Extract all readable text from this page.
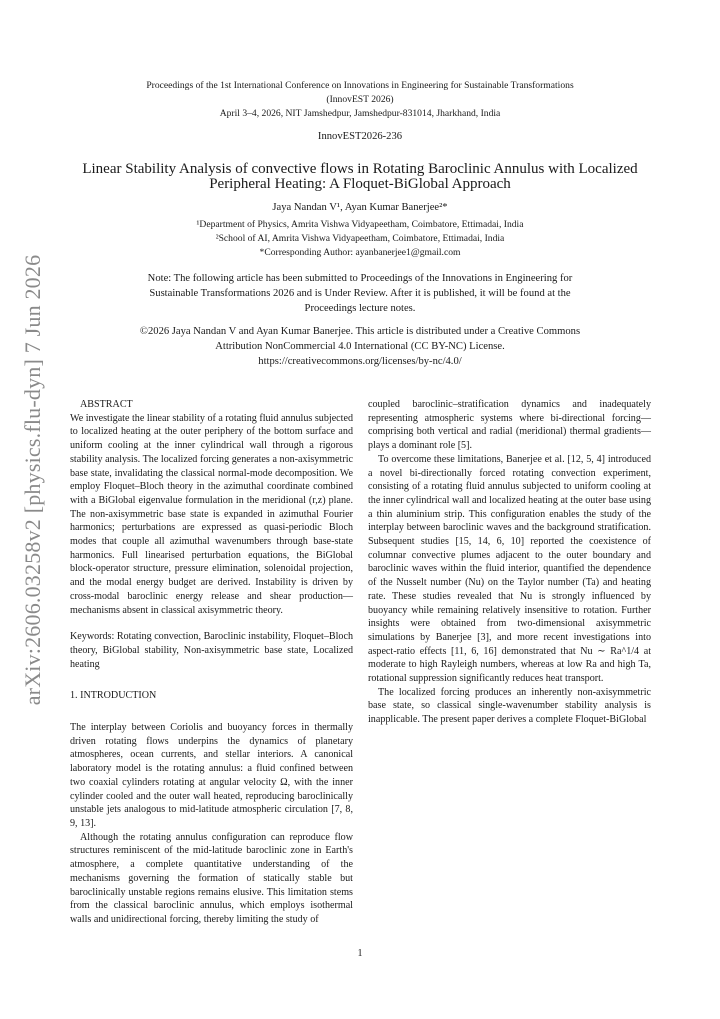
arXiv:2606.03258v2 [physics.flu-dyn] 7 Jun 2026
Proceedings of the 1st International Conference on Innovations in Engineering for Sustainable Transformations
(InnovEST 2026)
April 3–4, 2026, NIT Jamshedpur, Jamshedpur-831014, Jharkhand, India
InnovEST2026-236
Linear Stability Analysis of convective flows in Rotating Baroclinic Annulus with Localized
Peripheral Heating: A Floquet-BiGlobal Approach
Jaya Nandan V¹, Ayan Kumar Banerjee²*
¹Department of Physics, Amrita Vishwa Vidyapeetham, Coimbatore, Ettimadai, India
²School of AI, Amrita Vishwa Vidyapeetham, Coimbatore, Ettimadai, India
*Corresponding Author: ayanbanerjee1@gmail.com
Note: The following article has been submitted to Proceedings of the Innovations in Engineering for
Sustainable Transformations 2026 and is Under Review. After it is published, it will be found at the
Proceedings lecture notes.
©2026 Jaya Nandan V and Ayan Kumar Banerjee. This article is distributed under a Creative Commons
Attribution NonCommercial 4.0 International (CC BY-NC) License.
https://creativecommons.org/licenses/by-nc/4.0/

ABSTRACT

We investigate the linear stability of a rotating fluid annulus subjected to localized heating at the outer periphery of the bottom surface and uniform cooling at the inner cylindrical wall through a rigorous stability analysis. The localized forcing generates a non-axisymmetric base state, invalidating the classical normal-mode decomposition. We employ Floquet–Bloch theory in the azimuthal coordinate combined with a BiGlobal eigenvalue formulation in the meridional (r,z) plane. The non-axisymmetric base state is expanded in azimuthal Fourier harmonics; perturbations are expressed as quasi-periodic Bloch modes that couple all azimuthal wavenumbers through base-state harmonics. Full linearised perturbation equations, the BiGlobal block-operator structure, pressure elimination, solenoidal projection, and the modal energy budget are derived. Instability is driven by cross-modal baroclinic energy release and shear production—mechanisms absent in classical axisymmetric theory.

Keywords: Rotating convection, Baroclinic instability, Floquet–Bloch theory, BiGlobal stability, Non-axisymmetric base state, Localized heating

1. INTRODUCTION

The interplay between Coriolis and buoyancy forces in thermally driven rotating flows underpins the dynamics of planetary atmospheres, ocean currents, and stellar interiors. A canonical laboratory model is the rotating annulus: a fluid confined between two coaxial cylinders rotating at angular velocity Ω, with the inner cylinder cooled and the outer wall heated, reproducing baroclinically unstable jets analogous to mid-latitude atmospheric circulation [7, 8, 9, 13].

Although the rotating annulus configuration can reproduce flow structures reminiscent of the mid-latitude baroclinic zone in Earth's atmosphere, a complete quantitative understanding of the mechanisms governing the formation of statically stable but baroclinically unstable regions remains elusive. This limitation stems from the classical baroclinic annulus, which employs isothermal walls and unidirectional forcing, thereby limiting the study of

1

coupled baroclinic–stratification dynamics and inadequately representing atmospheric systems where bi-directional forcing—comprising both vertical and radial (meridional) thermal gradients—plays a dominant role [5].

To overcome these limitations, Banerjee et al. [12, 5, 4] introduced a novel bi-directionally forced rotating convection experiment, consisting of a rotating fluid annulus subjected to uniform cooling at the inner cylindrical wall and localized heating at the outer base using a thin aluminium strip. This configuration enables the study of the interplay between baroclinic waves and the background stratification. Subsequent studies [15, 14, 6, 10] reported the coexistence of columnar convective plumes adjacent to the outer boundary and baroclinic waves within the fluid interior, quantified the dependence of the Nusselt number (Nu) on the Taylor number (Ta) and heating rate. These studies revealed that Nu is strongly influenced by buoyancy while remaining relatively insensitive to rotation. Further insights were obtained from two-dimensional axisymmetric simulations by Banerjee [3], and more recent investigations into aspect-ratio effects [11, 6, 16] demonstrated that Nu ∼ Ra^1/4 at moderate to high Rayleigh numbers, whereas at low Ra and high Ta, rotational suppression significantly reduces heat transport.

The localized forcing produces an inherently non-axisymmetric base state, so classical single-wavenumber stability analysis is inapplicable. The present paper derives a complete Floquet-BiGlobal
